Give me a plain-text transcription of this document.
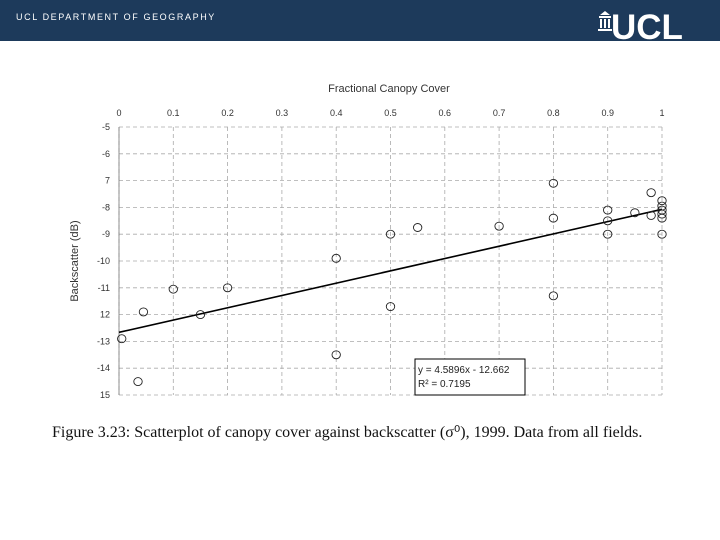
UCL DEPARTMENT OF GEOGRAPHY	UCL
Fractional Canopy Cover
Backscatter (dB)
0	0.1	0.2	0.3	0.4	0.5	0.6	0.7	0.8	0.9	1
-5
-6
7
-8
-9
-10
-11
12
-13
-14
15
y = 4.5896x - 12.662
R² = 0.7195
Figure 3.23: Scatterplot of canopy cover against backscatter (σ⁰), 1999. Data from all fields.
